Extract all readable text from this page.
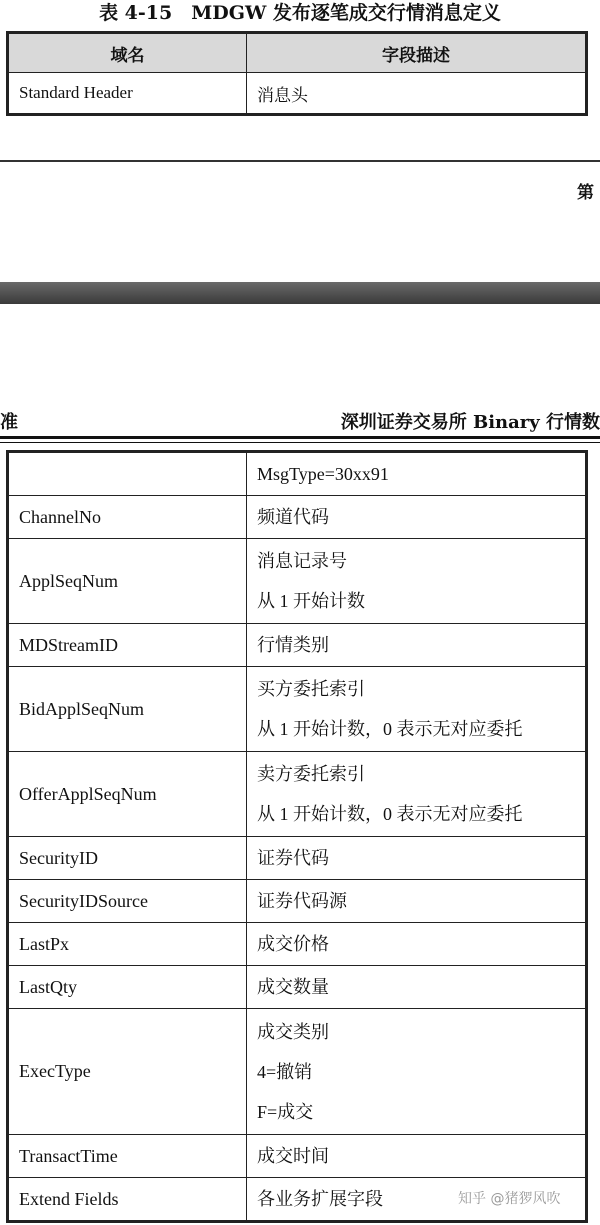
表 4-15　MDGW 发布逐笔成交行情消息定义
域名	字段描述
Standard Header	消息头
第
准	深圳证券交易所 Binary 行情数

	MsgType=30xx91

ChannelNo	频道代码

ApplSeqNum	消息记录号
从 1 开始计数

MDStreamID	行情类别

BidApplSeqNum	买方委托索引
从 1 开始计数，0 表示无对应委托

OfferApplSeqNum	卖方委托索引
从 1 开始计数，0 表示无对应委托

SecurityID	证券代码

SecurityIDSource	证券代码源

LastPx	成交价格

LastQty	成交数量

ExecType	成交类别
4=撤销
F=成交

TransactTime	成交时间

Extend Fields	各业务扩展字段	知乎 @猪猡风吹
